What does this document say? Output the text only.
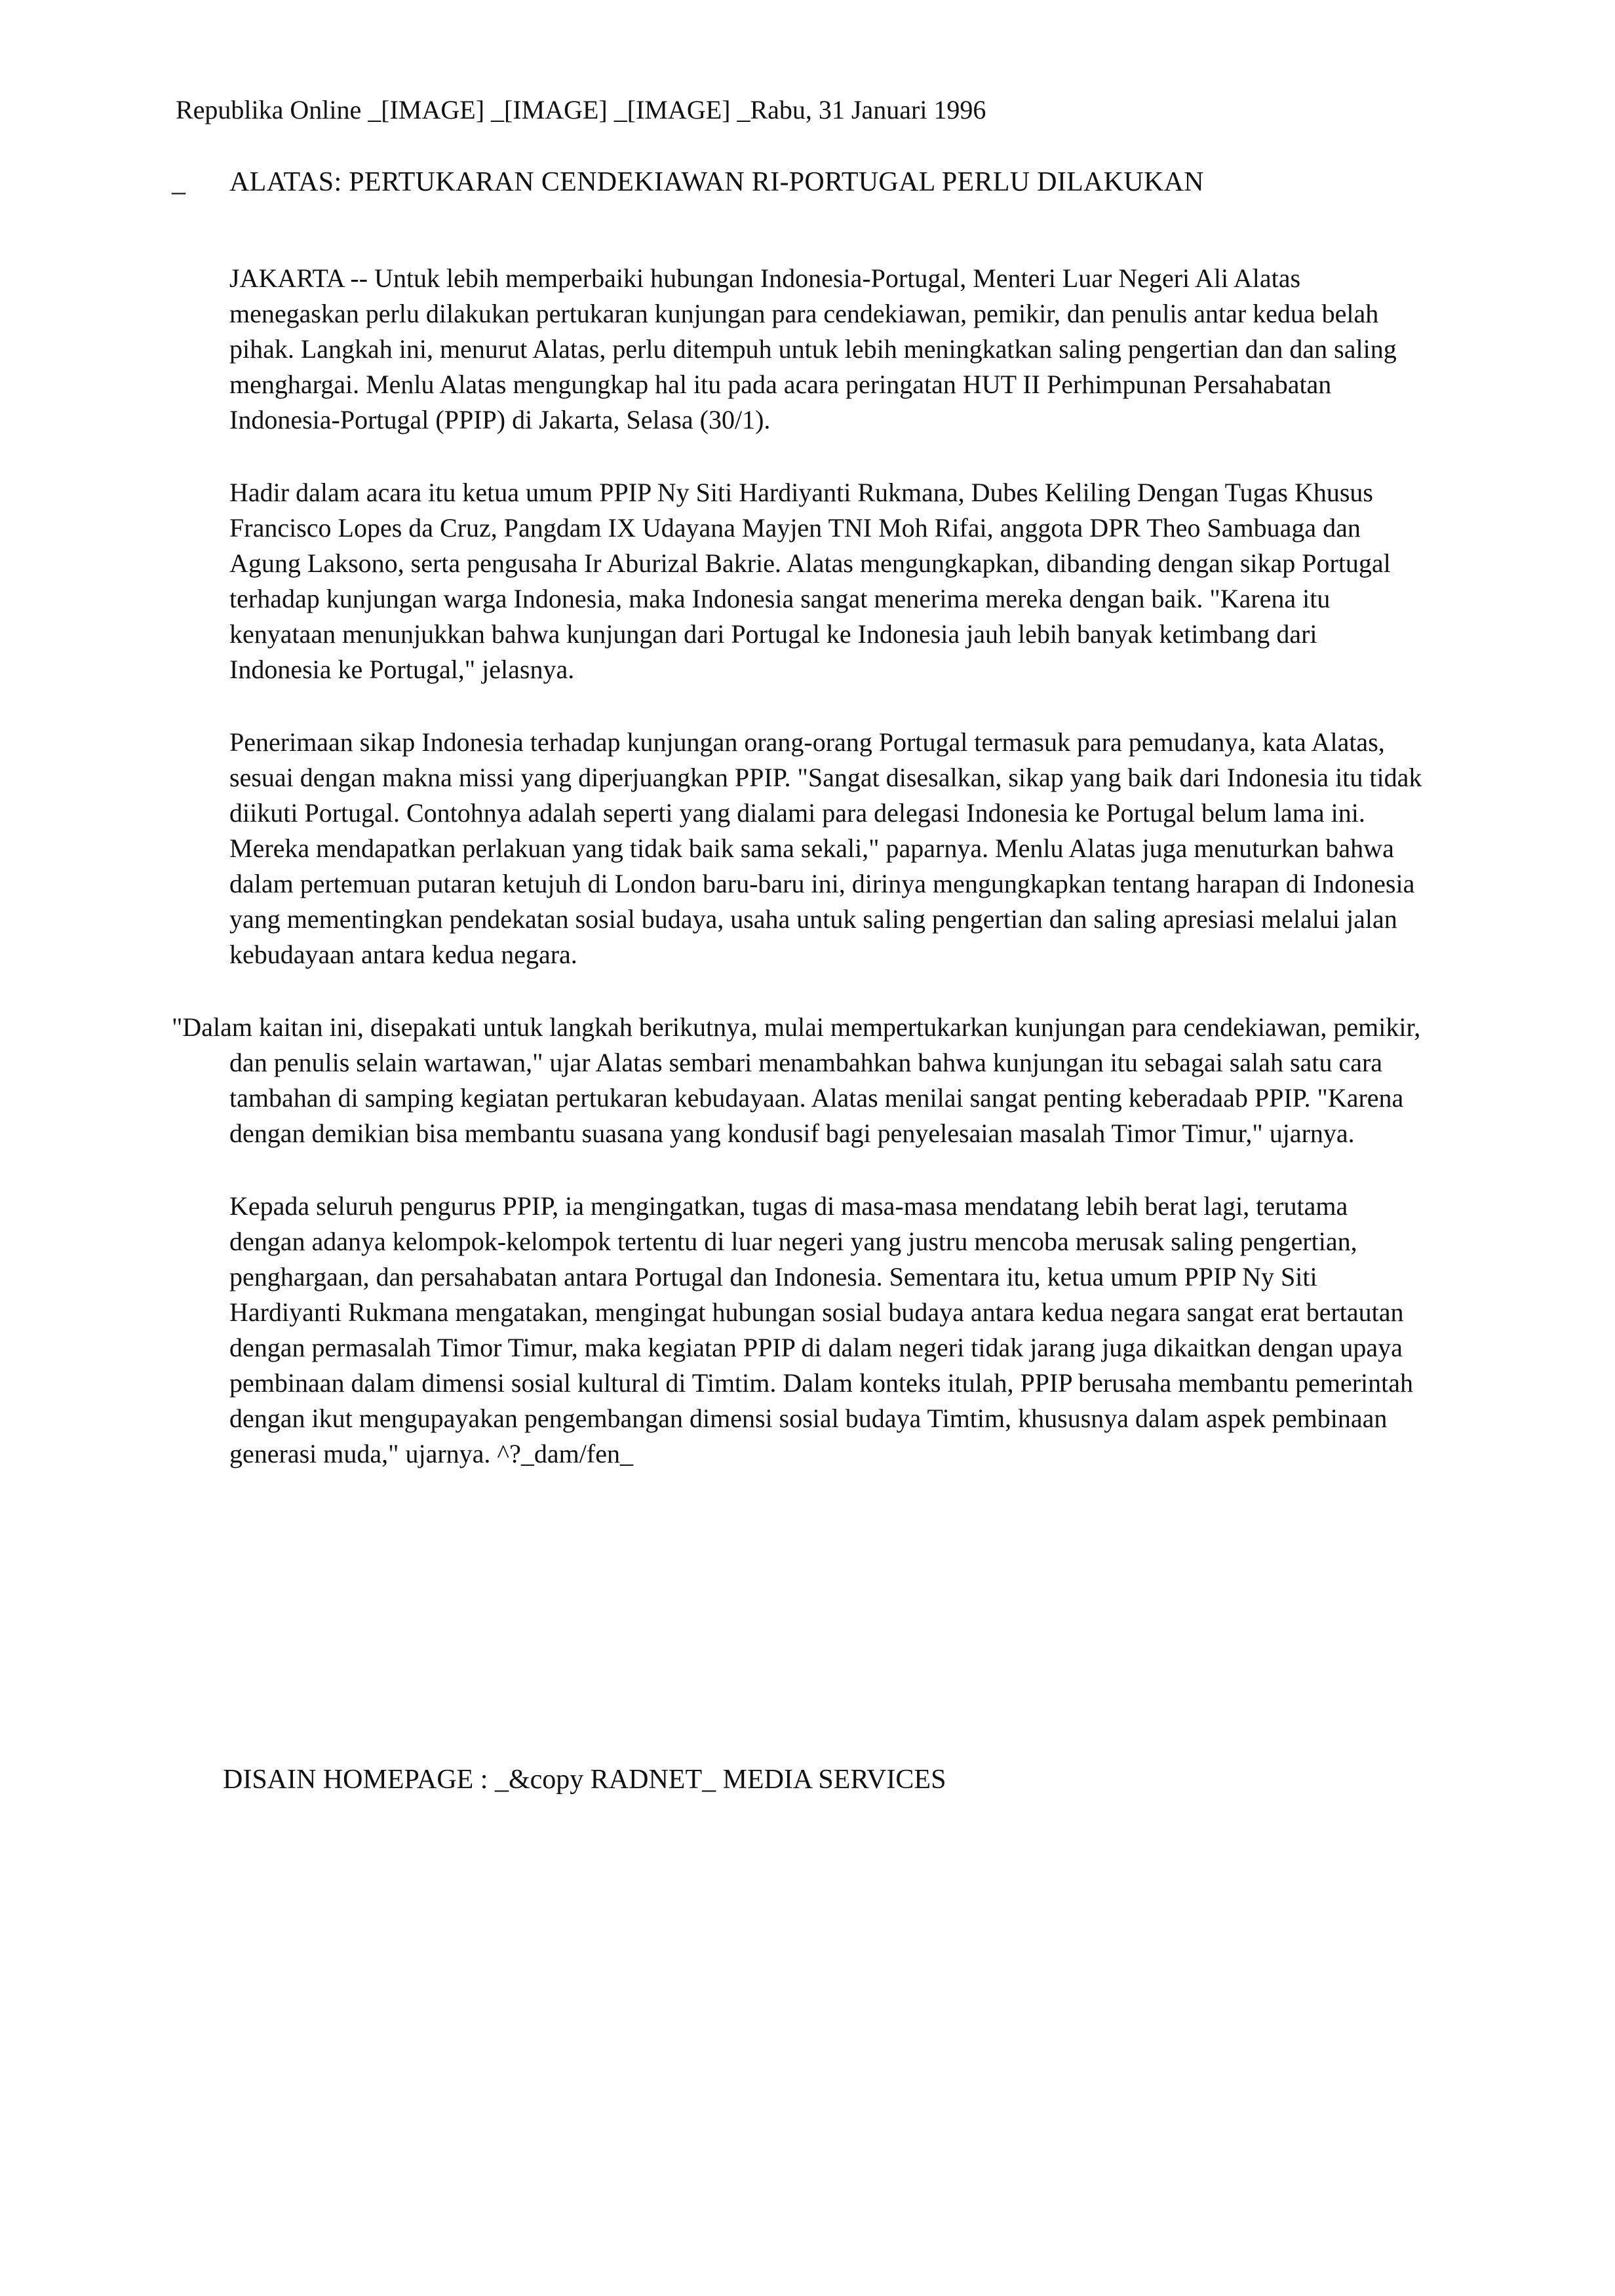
Republika Online _[IMAGE] _[IMAGE] _[IMAGE] _Rabu, 31 Januari 1996
_ ALATAS: PERTUKARAN CENDEKIAWAN RI-PORTUGAL PERLU DILAKUKAN

JAKARTA -- Untuk lebih memperbaiki hubungan Indonesia-Portugal, Menteri Luar Negeri Ali Alatas menegaskan perlu dilakukan pertukaran kunjungan para cendekiawan, pemikir, dan penulis antar kedua belah pihak. Langkah ini, menurut Alatas, perlu ditempuh untuk lebih meningkatkan saling pengertian dan dan saling menghargai. Menlu Alatas mengungkap hal itu pada acara peringatan HUT II Perhimpunan Persahabatan Indonesia-Portugal (PPIP) di Jakarta, Selasa (30/1).

Hadir dalam acara itu ketua umum PPIP Ny Siti Hardiyanti Rukmana, Dubes Keliling Dengan Tugas Khusus Francisco Lopes da Cruz, Pangdam IX Udayana Mayjen TNI Moh Rifai, anggota DPR Theo Sambuaga dan Agung Laksono, serta pengusaha Ir Aburizal Bakrie. Alatas mengungkapkan, dibanding dengan sikap Portugal terhadap kunjungan warga Indonesia, maka Indonesia sangat menerima mereka dengan baik. "Karena itu kenyataan menunjukkan bahwa kunjungan dari Portugal ke Indonesia jauh lebih banyak ketimbang dari Indonesia ke Portugal," jelasnya.

Penerimaan sikap Indonesia terhadap kunjungan orang-orang Portugal termasuk para pemudanya, kata Alatas, sesuai dengan makna missi yang diperjuangkan PPIP. "Sangat disesalkan, sikap yang baik dari Indonesia itu tidak diikuti Portugal. Contohnya adalah seperti yang dialami para delegasi Indonesia ke Portugal belum lama ini. Mereka mendapatkan perlakuan yang tidak baik sama sekali," paparnya. Menlu Alatas juga menuturkan bahwa dalam pertemuan putaran ketujuh di London baru-baru ini, dirinya mengungkapkan tentang harapan di Indonesia yang mementingkan pendekatan sosial budaya, usaha untuk saling pengertian dan saling apresiasi melalui jalan kebudayaan antara kedua negara.

"Dalam kaitan ini, disepakati untuk langkah berikutnya, mulai mempertukarkan kunjungan para cendekiawan, pemikir, dan penulis selain wartawan," ujar Alatas sembari menambahkan bahwa kunjungan itu sebagai salah satu cara tambahan di samping kegiatan pertukaran kebudayaan. Alatas menilai sangat penting keberadaab PPIP. "Karena dengan demikian bisa membantu suasana yang kondusif bagi penyelesaian masalah Timor Timur," ujarnya.

Kepada seluruh pengurus PPIP, ia mengingatkan, tugas di masa-masa mendatang lebih berat lagi, terutama dengan adanya kelompok-kelompok tertentu di luar negeri yang justru mencoba merusak saling pengertian, penghargaan, dan persahabatan antara Portugal dan Indonesia. Sementara itu, ketua umum PPIP Ny Siti Hardiyanti Rukmana mengatakan, mengingat hubungan sosial budaya antara kedua negara sangat erat bertautan dengan permasalah Timor Timur, maka kegiatan PPIP di dalam negeri tidak jarang juga dikaitkan dengan upaya pembinaan dalam dimensi sosial kultural di Timtim. Dalam konteks itulah, PPIP berusaha membantu pemerintah dengan ikut mengupayakan pengembangan dimensi sosial budaya Timtim, khususnya dalam aspek pembinaan generasi muda," ujarnya. ^?_dam/fen_

DISAIN HOMEPAGE : _&copy RADNET_ MEDIA SERVICES
